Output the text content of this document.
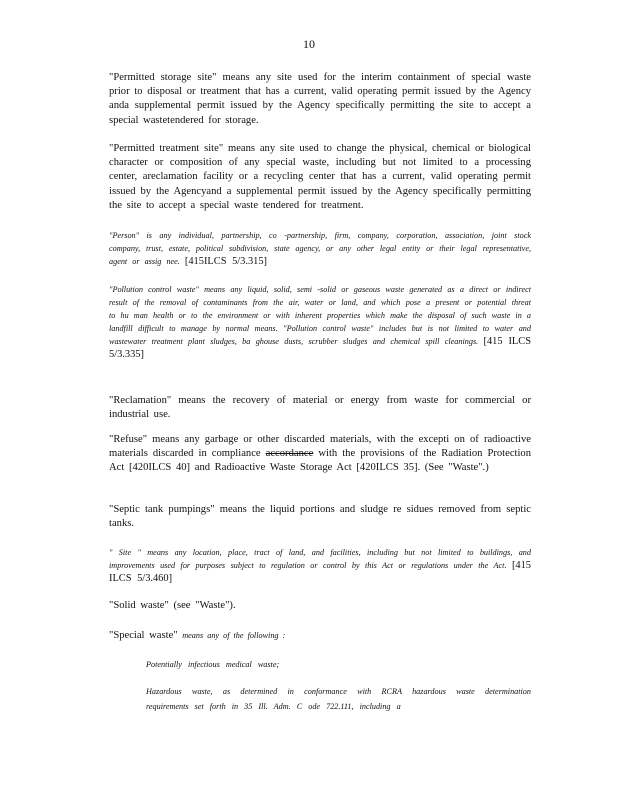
10

"Permitted storage site" means any site used for the interim containment of special waste prior to disposal or treatment that has a current, valid operating permit issued by the Agency anda supplemental permit issued by the Agency specifically permitting the site to accept a special wastetendered for storage.

"Permitted treatment site" means any site used to change the physical, chemical or biological character or composition of any special waste, including but not limited to a processing center, areclamation facility or a recycling center that has a current, valid operating permit issued by the Agencyand a supplemental permit issued by the Agency specifically permitting the site to accept a special waste tendered for treatment.

"Person" is any individual, partnership, co -partnership, firm, company, corporation, association, joint stock company, trust, estate, political subdivision, state agency, or any other legal entity or their legal representative, agent or assig nee. [415ILCS 5/3.315]

"Pollution control waste" means any liquid, solid, semi -solid or gaseous waste generated as a direct or indirect result of the removal of contaminants from the air, water or land, and which pose a present or potential threat to hu man health or to the environment or with inherent properties which make the disposal of such waste in a landfill difficult to manage by normal means. "Pollution control waste" includes but is not limited to water and wastewater treatment plant sludges, ba ghouse dusts, scrubber sludges and chemical spill cleanings. [415 ILCS 5/3.335]

"Reclamation" means the recovery of material or energy from waste for commercial or industrial use.

"Refuse" means any garbage or other discarded materials, with the excepti on of radioactive materials discarded in compliance accordance with the provisions of the Radiation Protection Act [420ILCS 40] and Radioactive Waste Storage Act [420ILCS 35]. (See "Waste".)

"Septic tank pumpings" means the liquid portions and sludge re sidues removed from septic tanks.

" Site " means any location, place, tract of land, and facilities, including but not limited to buildings, and improvements used for purposes subject to regulation or control by this Act or regulations under the Act. [415 ILCS 5/3.460]

"Solid waste" (see "Waste").

"Special waste" means any of the following :

Potentially infectious medical waste;

Hazardous waste, as determined in conformance with RCRA hazardous waste determination requirements set forth in 35 Ill. Adm. C ode 722.111, including a
